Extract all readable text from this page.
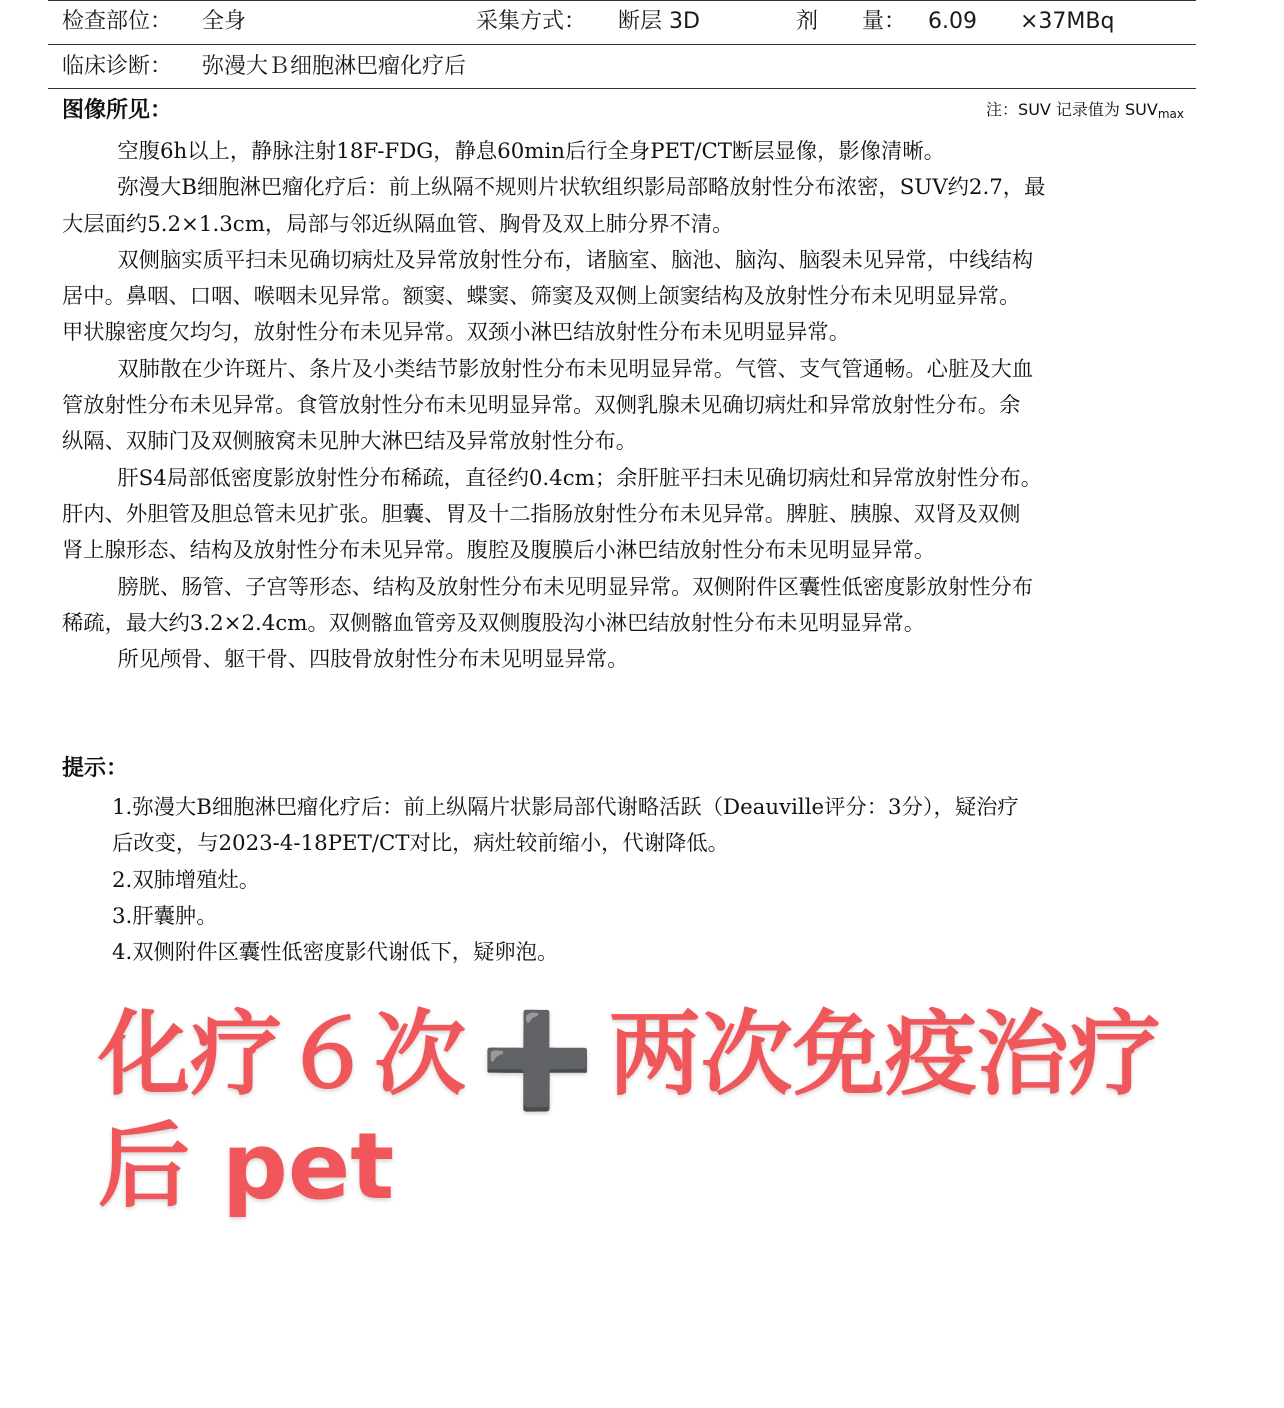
检查部位： 全身	采集方式： 断层 3D	剂　　量： 6.09 ×37MBq
临床诊断： 弥漫大Ｂ细胞淋巴瘤化疗后
图像所见：	注：SUV 记录值为 $SUV_{max}$

空腹6h以上，静脉注射18F-FDG，静息60min后行全身PET/CT断层显像，影像清晰。

弥漫大B细胞淋巴瘤化疗后：前上纵隔不规则片状软组织影局部略放射性分布浓密，SUV约2.7，最

大层面约5.2×1.3cm，局部与邻近纵隔血管、胸骨及双上肺分界不清。

双侧脑实质平扫未见确切病灶及异常放射性分布，诸脑室、脑池、脑沟、脑裂未见异常，中线结构

居中。鼻咽、口咽、喉咽未见异常。额窦、蝶窦、筛窦及双侧上颌窦结构及放射性分布未见明显异常。

甲状腺密度欠均匀，放射性分布未见异常。双颈小淋巴结放射性分布未见明显异常。

双肺散在少许斑片、条片及小类结节影放射性分布未见明显异常。气管、支气管通畅。心脏及大血

管放射性分布未见异常。食管放射性分布未见明显异常。双侧乳腺未见确切病灶和异常放射性分布。余

纵隔、双肺门及双侧腋窝未见肿大淋巴结及异常放射性分布。

肝S4局部低密度影放射性分布稀疏，直径约0.4cm；余肝脏平扫未见确切病灶和异常放射性分布。

肝内、外胆管及胆总管未见扩张。胆囊、胃及十二指肠放射性分布未见异常。脾脏、胰腺、双肾及双侧

肾上腺形态、结构及放射性分布未见异常。腹腔及腹膜后小淋巴结放射性分布未见明显异常。

膀胱、肠管、子宫等形态、结构及放射性分布未见明显异常。双侧附件区囊性低密度影放射性分布

稀疏，最大约3.2×2.4cm。双侧髂血管旁及双侧腹股沟小淋巴结放射性分布未见明显异常。

所见颅骨、躯干骨、四肢骨放射性分布未见明显异常。

提示：

1.弥漫大B细胞淋巴瘤化疗后：前上纵隔片状影局部代谢略活跃（Deauville评分：3分），疑治疗

后改变，与2023-4-18PET/CT对比，病灶较前缩小，代谢降低。

2.双肺增殖灶。

3.肝囊肿。

4.双侧附件区囊性低密度影代谢低下，疑卵泡。

化疗６次 ➕ 两次免疫治疗
后 pet
